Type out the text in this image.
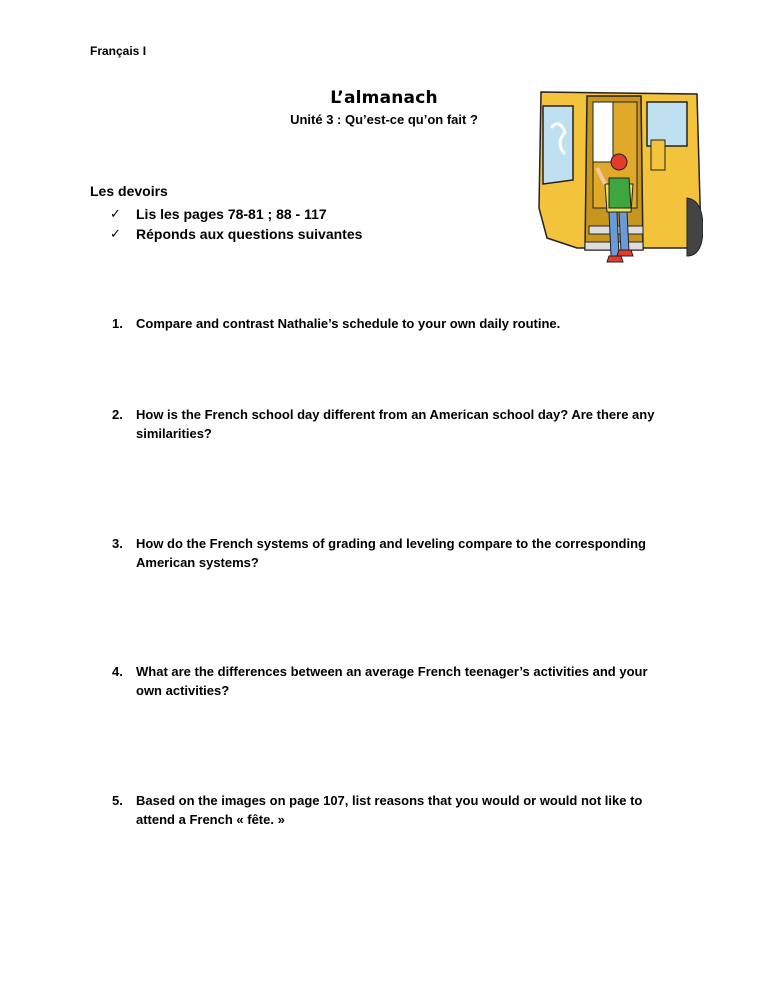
Français I
L’almanach
Unité 3 : Qu’est-ce qu’on fait ?
Les devoirs
✓	Lis les pages 78-81 ; 88 - 117
✓	Réponds aux questions suivantes
1.	Compare and contrast Nathalie’s schedule to your own daily routine.
2.	How is the French school day different from an American school day? Are there any similarities?
3.	How do the French systems of grading and leveling compare to the corresponding American systems?
4.	What are the differences between an average French teenager’s activities and your own activities?
5.	Based on the images on page 107, list reasons that you would or would not like to attend a French « fête. »
